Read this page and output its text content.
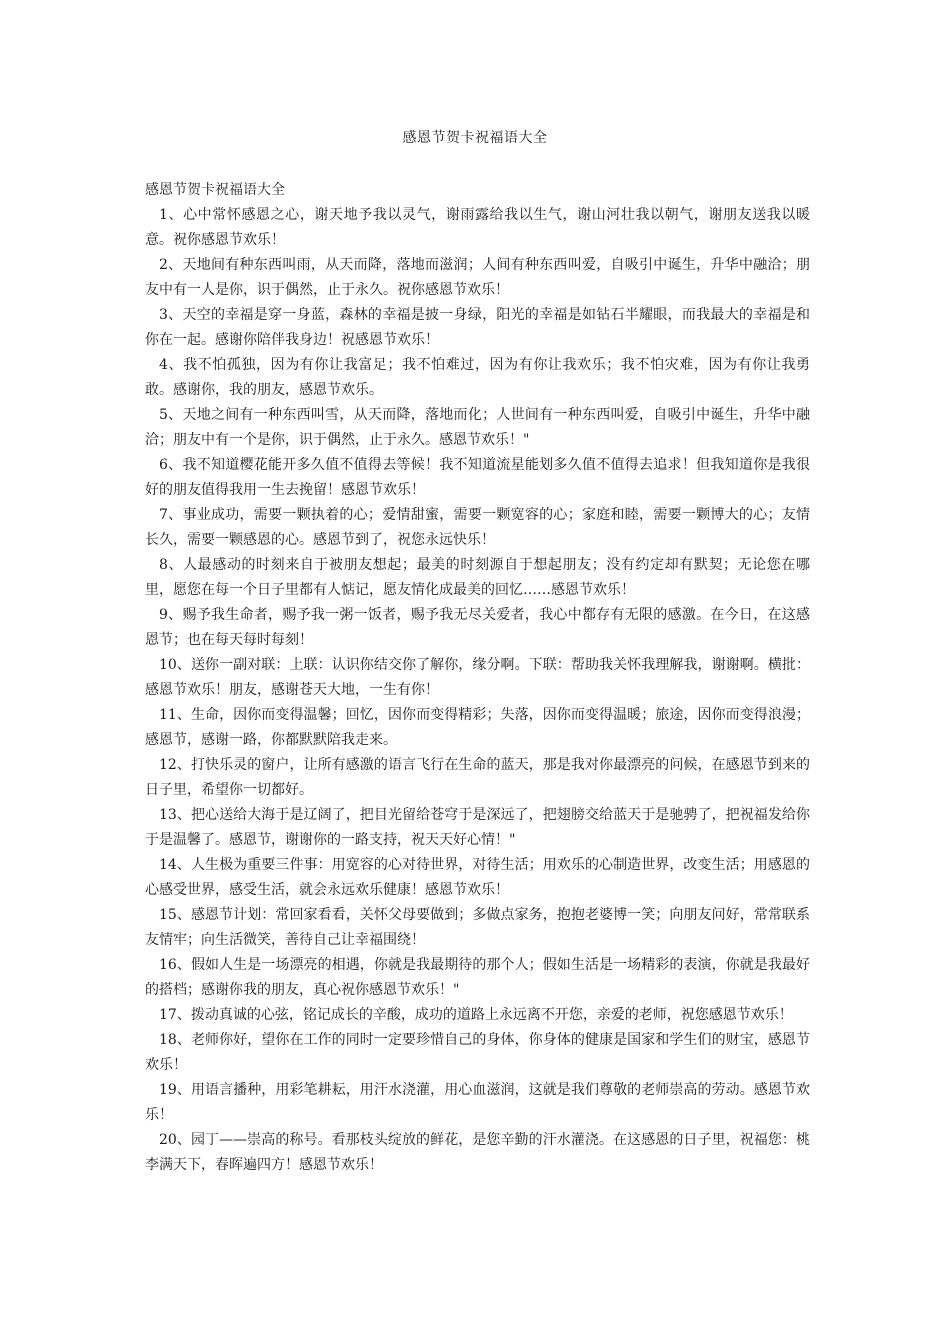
感恩节贺卡祝福语大全

感恩节贺卡祝福语大全

1、心中常怀感恩之心，谢天地予我以灵气，谢雨露给我以生气，谢山河壮我以朝气，谢朋友送我以暖意。祝你感恩节欢乐！

2、天地间有种东西叫雨，从天而降，落地而滋润；人间有种东西叫爱，自吸引中诞生，升华中融洽；朋友中有一人是你，识于偶然，止于永久。祝你感恩节欢乐！

3、天空的幸福是穿一身蓝，森林的幸福是披一身绿，阳光的幸福是如钻石半耀眼，而我最大的幸福是和你在一起。感谢你陪伴我身边！祝感恩节欢乐！

4、我不怕孤独，因为有你让我富足；我不怕难过，因为有你让我欢乐；我不怕灾难，因为有你让我勇敢。感谢你，我的朋友，感恩节欢乐。

5、天地之间有一种东西叫雪，从天而降，落地而化；人世间有一种东西叫爱，自吸引中诞生，升华中融洽；朋友中有一个是你，识于偶然，止于永久。感恩节欢乐！"

6、我不知道樱花能开多久值不值得去等候！我不知道流星能划多久值不值得去追求！但我知道你是我很好的朋友值得我用一生去挽留！感恩节欢乐！

7、事业成功，需要一颗执着的心；爱情甜蜜，需要一颗宽容的心；家庭和睦，需要一颗博大的心；友情长久，需要一颗感恩的心。感恩节到了，祝您永远快乐！

8、人最感动的时刻来自于被朋友想起；最美的时刻源自于想起朋友；没有约定却有默契；无论您在哪里，愿您在每一个日子里都有人惦记，愿友情化成最美的回忆……感恩节欢乐！

9、赐予我生命者，赐予我一粥一饭者，赐予我无尽关爱者，我心中都存有无限的感激。在今日，在这感恩节；也在每天每时每刻！

10、送你一副对联：上联：认识你结交你了解你，缘分啊。下联：帮助我关怀我理解我，谢谢啊。横批：感恩节欢乐！朋友，感谢苍天大地，一生有你！

11、生命，因你而变得温馨；回忆，因你而变得精彩；失落，因你而变得温暖；旅途，因你而变得浪漫；感恩节，感谢一路，你都默默陪我走来。

12、打快乐灵的窗户，让所有感激的语言飞行在生命的蓝天，那是我对你最漂亮的问候，在感恩节到来的日子里，希望你一切都好。

13、把心送给大海于是辽阔了，把目光留给苍穹于是深远了，把翅膀交给蓝天于是驰骋了，把祝福发给你于是温馨了。感恩节，谢谢你的一路支持，祝天天好心情！"

14、人生极为重要三件事：用宽容的心对待世界，对待生活；用欢乐的心制造世界，改变生活；用感恩的心感受世界，感受生活，就会永远欢乐健康！感恩节欢乐！

15、感恩节计划：常回家看看，关怀父母要做到；多做点家务，抱抱老婆博一笑；向朋友问好，常常联系友情牢；向生活微笑，善待自己让幸福围绕！

16、假如人生是一场漂亮的相遇，你就是我最期待的那个人；假如生活是一场精彩的表演，你就是我最好的搭档；感谢你我的朋友，真心祝你感恩节欢乐！"

17、拨动真诚的心弦，铭记成长的辛酸，成功的道路上永远离不开您，亲爱的老师，祝您感恩节欢乐！

18、老师你好，望你在工作的同时一定要珍惜自己的身体，你身体的健康是国家和学生们的财宝，感恩节欢乐！

19、用语言播种，用彩笔耕耘，用汗水浇灌，用心血滋润，这就是我们尊敬的老师崇高的劳动。感恩节欢乐！

20、园丁——崇高的称号。看那枝头绽放的鲜花，是您辛勤的汗水灌浇。在这感恩的日子里，祝福您：桃李满天下，春晖遍四方！感恩节欢乐！
